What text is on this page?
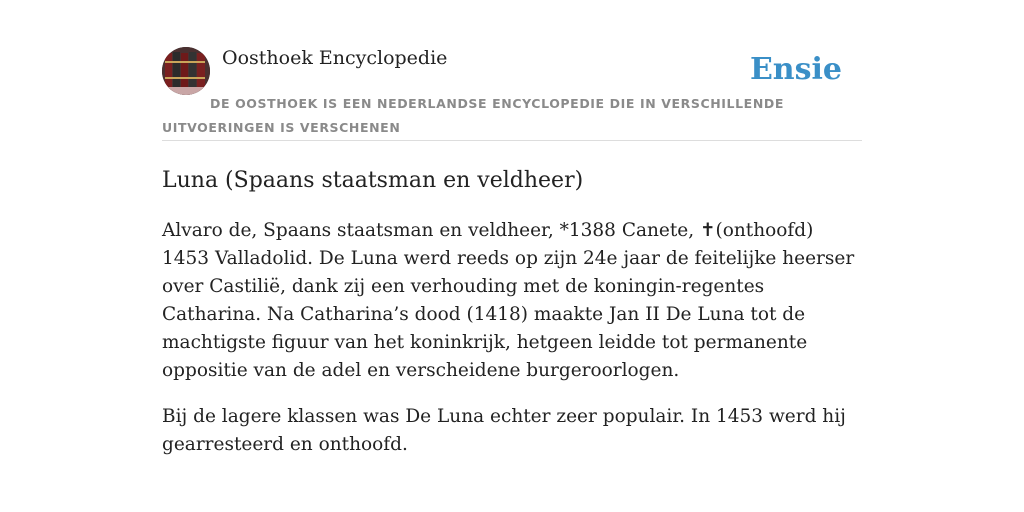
Oosthoek Encyclopedie	Ensie
DE OOSTHOEK IS EEN NEDERLANDSE ENCYCLOPEDIE DIE IN VERSCHILLENDE UITVOERINGEN IS VERSCHENEN
Luna (Spaans staatsman en veldheer)

Alvaro de, Spaans staatsman en veldheer, *1388 Canete, ✝(onthoofd) 1453 Valladolid. De Luna werd reeds op zijn 24e jaar de feitelijke heerser over Castilië, dank zij een verhouding met de koningin-regentes Catharina. Na Catharina’s dood (1418) maakte Jan II De Luna tot de machtigste figuur van het koninkrijk, hetgeen leidde tot permanente oppositie van de adel en verscheidene burgeroorlogen.

Bij de lagere klassen was De Luna echter zeer populair. In 1453 werd hij gearresteerd en onthoofd.
